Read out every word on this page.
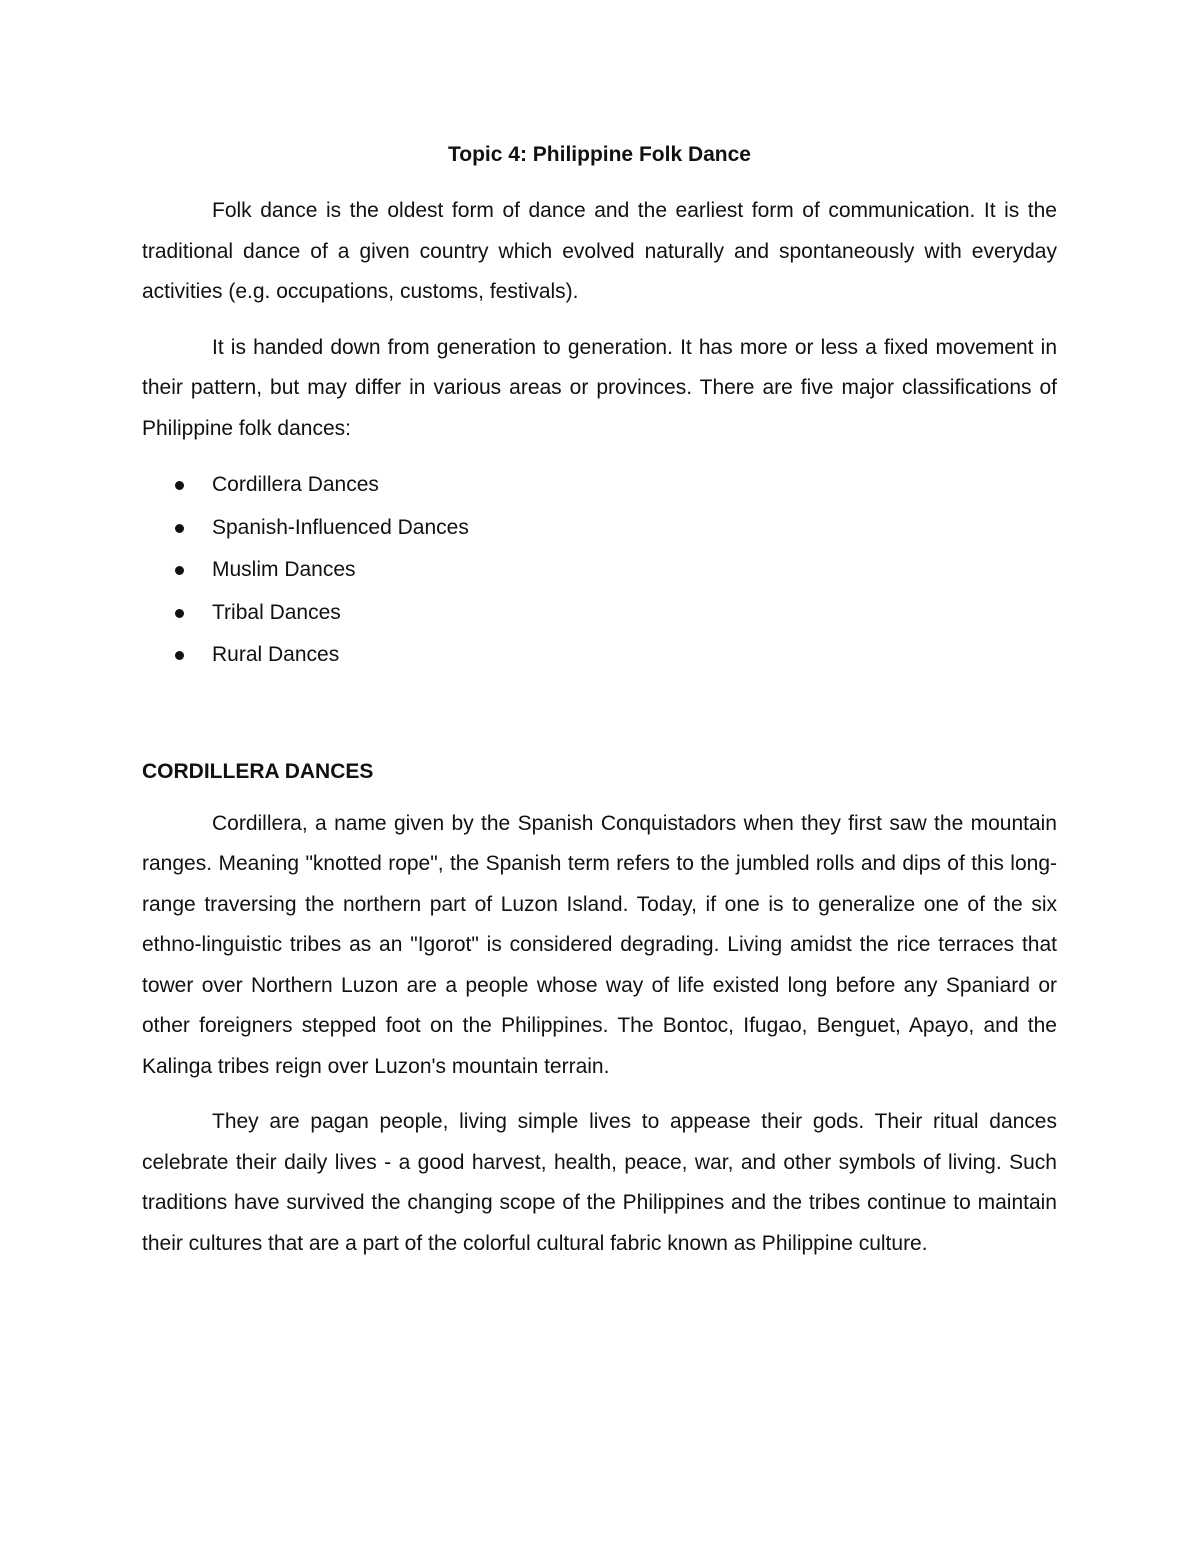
Topic 4: Philippine Folk Dance

Folk dance is the oldest form of dance and the earliest form of communication. It is the traditional dance of a given country which evolved naturally and spontaneously with everyday activities (e.g. occupations, customs, festivals).

It is handed down from generation to generation. It has more or less a fixed movement in their pattern, but may differ in various areas or provinces. There are five major classifications of Philippine folk dances:

Cordillera Dances
Spanish-Influenced Dances
Muslim Dances
Tribal Dances
Rural Dances
CORDILLERA DANCES

Cordillera, a name given by the Spanish Conquistadors when they first saw the mountain ranges. Meaning "knotted rope", the Spanish term refers to the jumbled rolls and dips of this long-range traversing the northern part of Luzon Island. Today, if one is to generalize one of the six ethno-linguistic tribes as an "Igorot" is considered degrading. Living amidst the rice terraces that tower over Northern Luzon are a people whose way of life existed long before any Spaniard or other foreigners stepped foot on the Philippines. The Bontoc, Ifugao, Benguet, Apayo, and the Kalinga tribes reign over Luzon's mountain terrain.

They are pagan people, living simple lives to appease their gods. Their ritual dances celebrate their daily lives - a good harvest, health, peace, war, and other symbols of living. Such traditions have survived the changing scope of the Philippines and the tribes continue to maintain their cultures that are a part of the colorful cultural fabric known as Philippine culture.
